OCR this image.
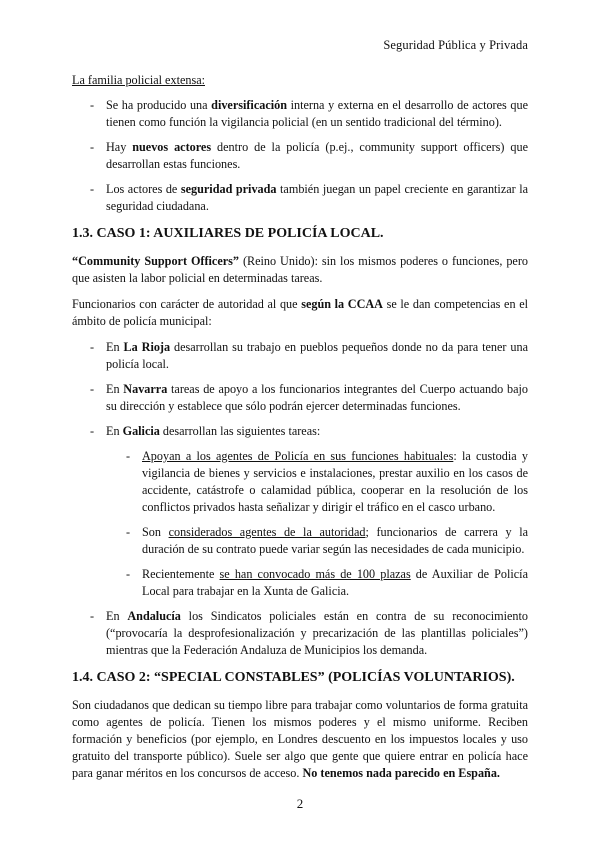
Seguridad Pública y Privada

La familia policial extensa:

- Se ha producido una diversificación interna y externa en el desarrollo de actores que tienen como función la vigilancia policial (en un sentido tradicional del término).
- Hay nuevos actores dentro de la policía (p.ej., community support officers) que desarrollan estas funciones.
- Los actores de seguridad privada también juegan un papel creciente en garantizar la seguridad ciudadana.
1.3. CASO 1: AUXILIARES DE POLICÍA LOCAL.

“Community Support Officers” (Reino Unido): sin los mismos poderes o funciones, pero que asisten la labor policial en determinadas tareas.

Funcionarios con carácter de autoridad al que según la CCAA se le dan competencias en el ámbito de policía municipal:

- En La Rioja desarrollan su trabajo en pueblos pequeños donde no da para tener una policía local.
- En Navarra tareas de apoyo a los funcionarios integrantes del Cuerpo actuando bajo su dirección y establece que sólo podrán ejercer determinadas funciones.
- En Galicia desarrollan las siguientes tareas:
- Apoyan a los agentes de Policía en sus funciones habituales: la custodia y vigilancia de bienes y servicios e instalaciones, prestar auxilio en los casos de accidente, catástrofe o calamidad pública, cooperar en la resolución de los conflictos privados hasta señalizar y dirigir el tráfico en el casco urbano.
- Son considerados agentes de la autoridad; funcionarios de carrera y la duración de su contrato puede variar según las necesidades de cada municipio.
- Recientemente se han convocado más de 100 plazas de Auxiliar de Policía Local para trabajar en la Xunta de Galicia.
- En Andalucía los Sindicatos policiales están en contra de su reconocimiento (“provocaría la desprofesionalización y precarización de las plantillas policiales”) mientras que la Federación Andaluza de Municipios los demanda.
1.4. CASO 2: “SPECIAL CONSTABLES” (POLICÍAS VOLUNTARIOS).

Son ciudadanos que dedican su tiempo libre para trabajar como voluntarios de forma gratuita como agentes de policía. Tienen los mismos poderes y el mismo uniforme. Reciben formación y beneficios (por ejemplo, en Londres descuento en los impuestos locales y uso gratuito del transporte público). Suele ser algo que gente que quiere entrar en policía hace para ganar méritos en los concursos de acceso. No tenemos nada parecido en España.

2
